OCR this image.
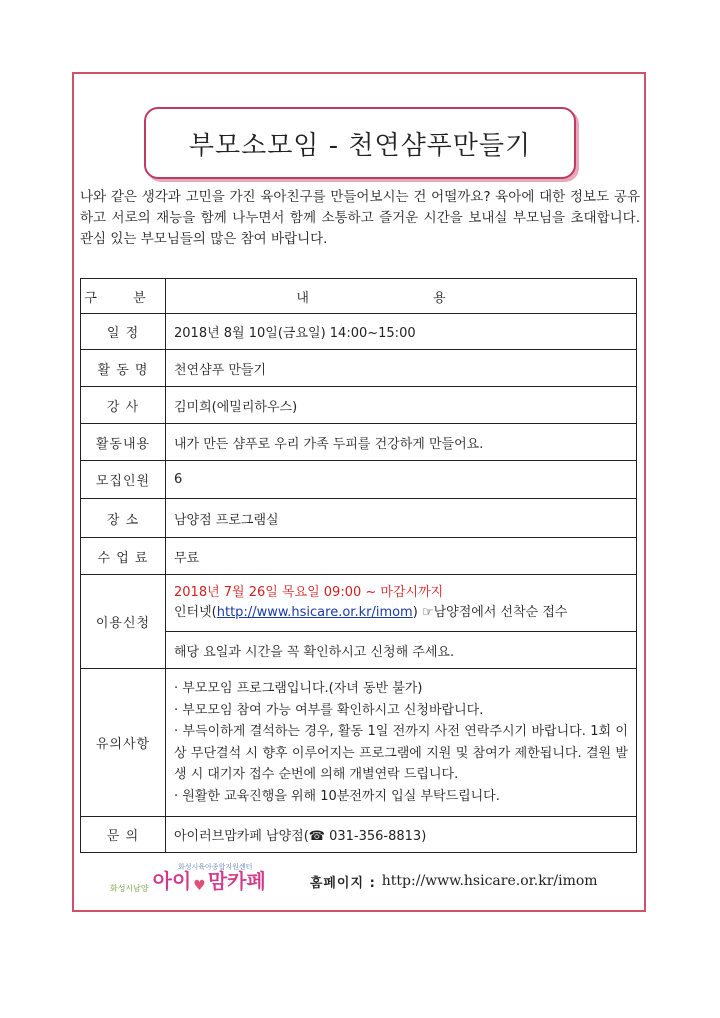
부모소모임 - 천연샴푸만들기
나와 같은 생각과 고민을 가진 육아친구를 만들어보시는 건 어떨까요? 육아에 대한 정보도 공유하고 서로의 재능을 함께 나누면서 함께 소통하고 즐거운 시간을 보내실 부모님을 초대합니다. 관심 있는 부모님들의 많은 참여 바랍니다.
구 분	내 용
일 정	2018년 8월 10일(금요일) 14:00~15:00
활 동 명	천연샴푸 만들기
강 사	김미희(에밀리하우스)
활동내용	내가 만든 샴푸로 우리 가족 두피를 건강하게 만들어요.
모집인원	6
장 소	남양점 프로그램실
수 업 료	무료
이용신청	2018년 7월 26일 목요일 09:00 ~ 마감시까지
인터넷(http://www.hsicare.or.kr/imom) ☞남양점에서 선착순 접수

	해당 요일과 시간을 꼭 확인하시고 신청해 주세요.
유의사항	· 부모모임 프로그램입니다.(자녀 동반 불가)
· 부모모임 참여 가능 여부를 확인하시고 신청바랍니다.
· 부득이하게 결석하는 경우, 활동 1일 전까지 사전 연락주시기 바랍니다. 1회 이상 무단결석 시 향후 이루어지는 프로그램에 지원 및 참여가 제한됩니다. 결원 발생 시 대기자 접수 순번에 의해 개별연락 드립니다.
· 원활한 교육진행을 위해 10분전까지 입실 부탁드립니다.

문 의	아이러브맘카페 남양점(☎ 031-356-8813)
화성시육아종합지원센터
화성시남양 아이 ♥ 맘카페	홈페이지 : http://www.hsicare.or.kr/imom
